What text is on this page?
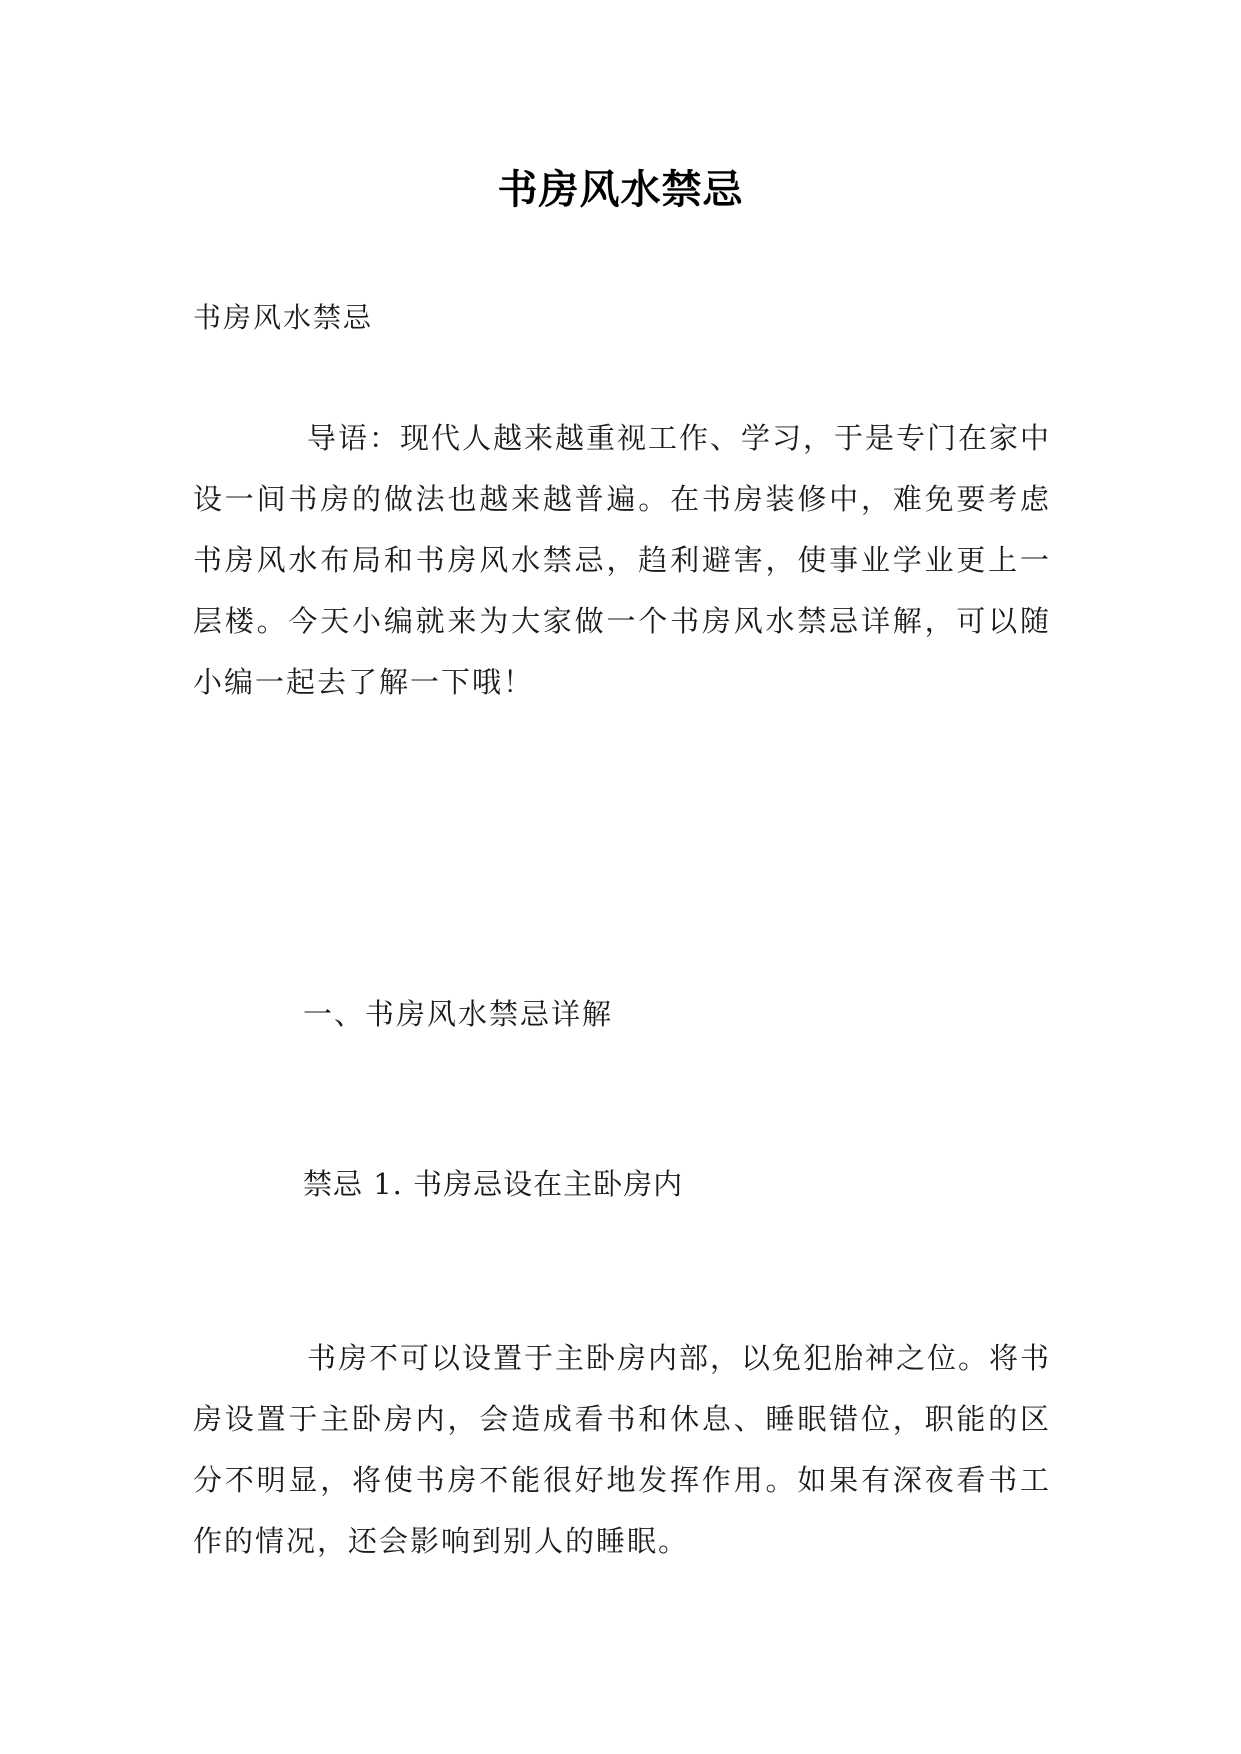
书房风水禁忌
书房风水禁忌
导语：现代人越来越重视工作、学习，于是专门在家中设一间书房的做法也越来越普遍。在书房装修中，难免要考虑书房风水布局和书房风水禁忌，趋利避害，使事业学业更上一层楼。今天小编就来为大家做一个书房风水禁忌详解，可以随小编一起去了解一下哦！
一、书房风水禁忌详解
禁忌 1. 书房忌设在主卧房内
书房不可以设置于主卧房内部，以免犯胎神之位。将书房设置于主卧房内，会造成看书和休息、睡眠错位，职能的区分不明显，将使书房不能很好地发挥作用。如果有深夜看书工作的情况，还会影响到别人的睡眠。
